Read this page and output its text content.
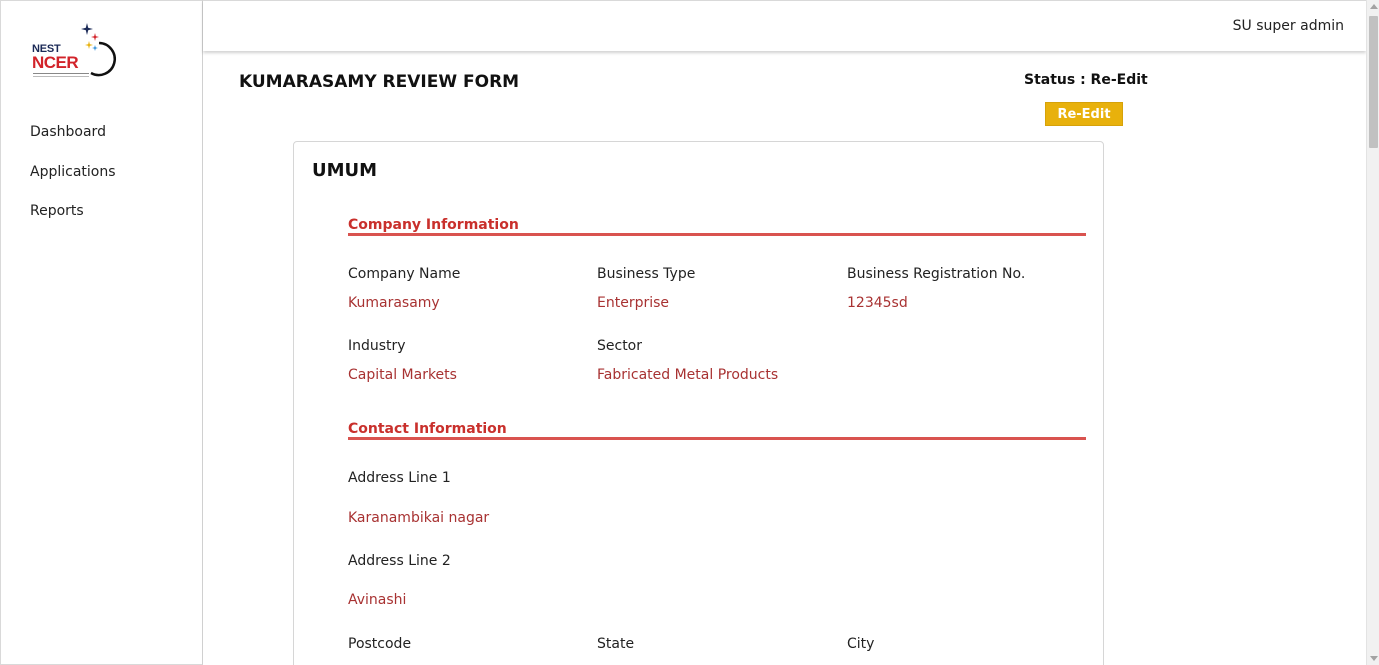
NEST
NCER
Dashboard
Applications
Reports
SU super admin
KUMARASAMY REVIEW FORM	Status : Re-Edit
Re-Edit
UMUM
Company Information
Company Name
Kumarasamy
Business Type
Enterprise
Business Registration No.
12345sd
Industry
Capital Markets
Sector
Fabricated Metal Products
Contact Information
Address Line 1
Karanambikai nagar
Address Line 2
Avinashi
Postcode	State	City
